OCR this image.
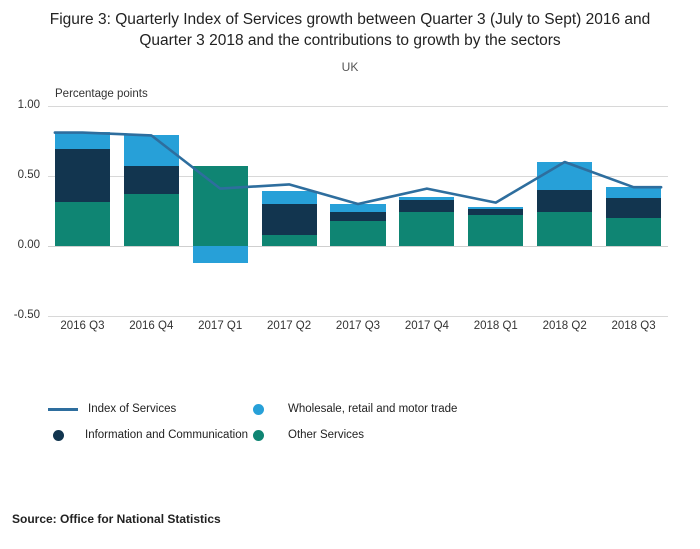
Figure 3: Quarterly Index of Services growth between Quarter 3 (July to Sept) 2016 and Quarter 3 2018 and the contributions to growth by the sectors
UK
Percentage points
-0.50
0.00
0.50
1.00
2016 Q3	2016 Q4	2017 Q1	2017 Q2	2017 Q3	2017 Q4	2018 Q1	2018 Q2	2018 Q3
Index of Services	Wholesale, retail and motor trade
Information and Communication	Other Services
Source: Office for National Statistics
